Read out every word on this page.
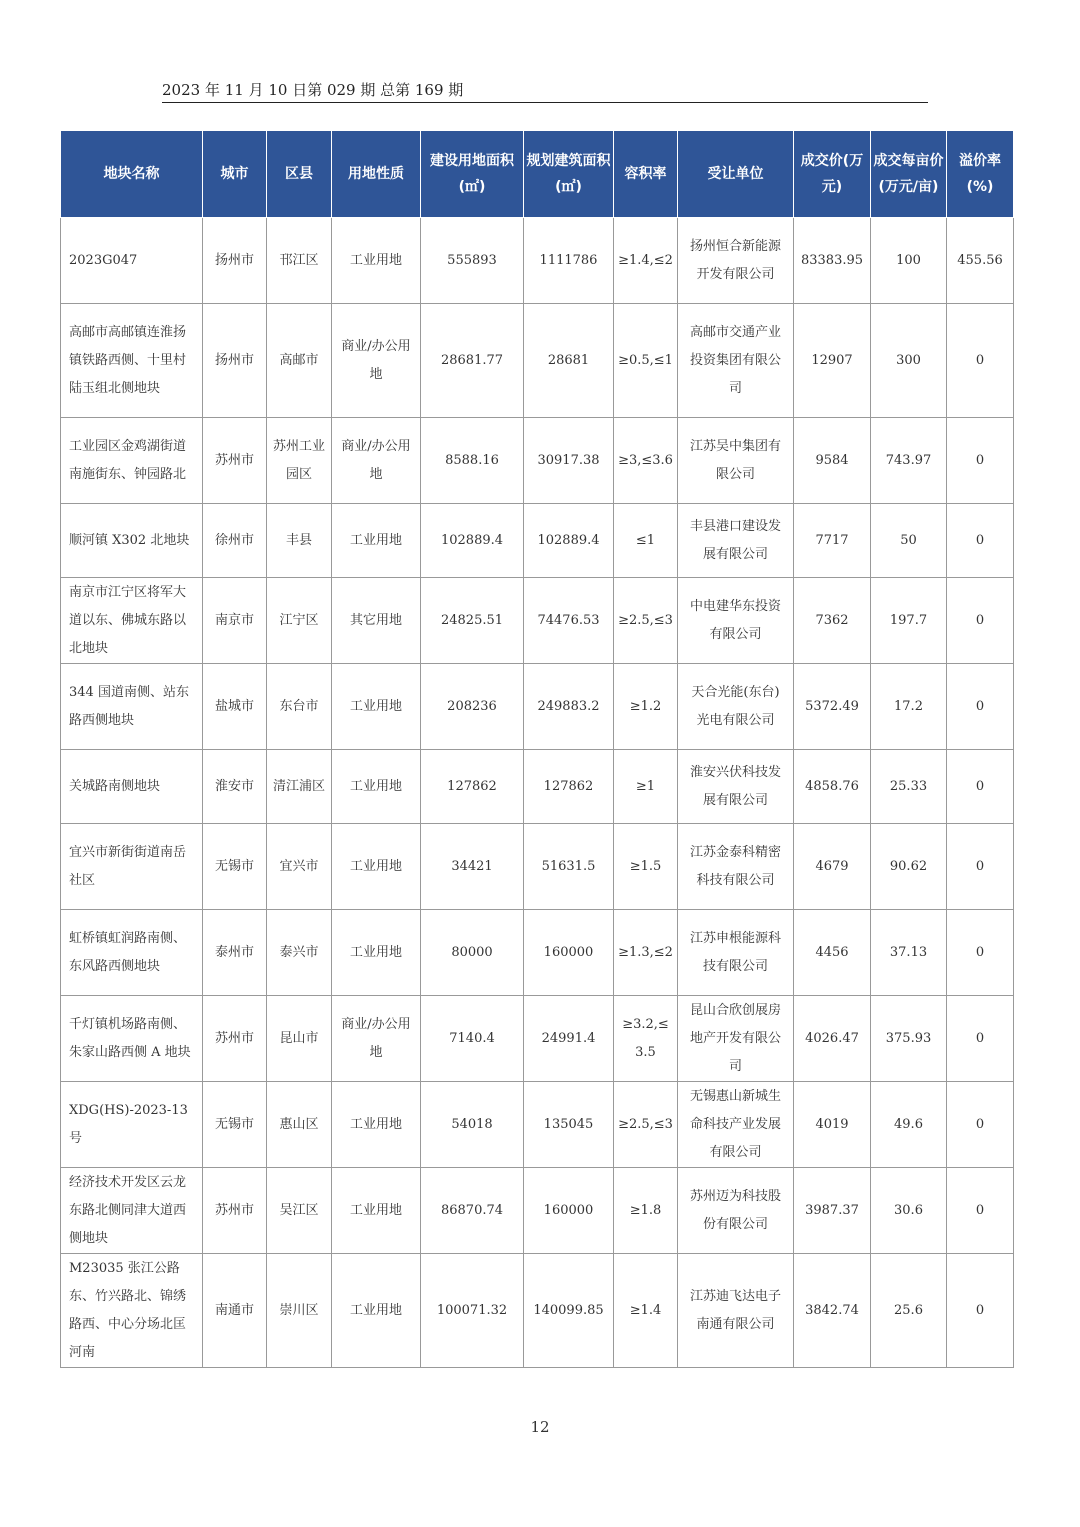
2023 年 11 月 10 日第 029 期 总第 169 期
地块名称	城市	区县	用地性质	建设用地面积(㎡)	规划建筑面积(㎡)	容积率	受让单位	成交价(万元)	成交每亩价(万元/亩)	溢价率(%)
2023G047	扬州市	邗江区	工业用地	555893	1111786	≥1.4,≤2	扬州恒合新能源开发有限公司	83383.95	100	455.56
高邮市高邮镇连淮扬镇铁路西侧、十里村陆玉组北侧地块	扬州市	高邮市	商业/办公用地	28681.77	28681	≥0.5,≤1	高邮市交通产业投资集团有限公司	12907	300	0
工业园区金鸡湖街道南施街东、钟园路北	苏州市	苏州工业园区	商业/办公用地	8588.16	30917.38	≥3,≤3.6	江苏吴中集团有限公司	9584	743.97	0
顺河镇 X302 北地块	徐州市	丰县	工业用地	102889.4	102889.4	≤1	丰县港口建设发展有限公司	7717	50	0
南京市江宁区将军大道以东、佛城东路以北地块	南京市	江宁区	其它用地	24825.51	74476.53	≥2.5,≤3	中电建华东投资有限公司	7362	197.7	0
344 国道南侧、站东路西侧地块	盐城市	东台市	工业用地	208236	249883.2	≥1.2	天合光能(东台)光电有限公司	5372.49	17.2	0
关城路南侧地块	淮安市	清江浦区	工业用地	127862	127862	≥1	淮安兴伏科技发展有限公司	4858.76	25.33	0
宜兴市新街街道南岳社区	无锡市	宜兴市	工业用地	34421	51631.5	≥1.5	江苏金泰科精密科技有限公司	4679	90.62	0
虹桥镇虹润路南侧、东风路西侧地块	泰州市	泰兴市	工业用地	80000	160000	≥1.3,≤2	江苏申根能源科技有限公司	4456	37.13	0
千灯镇机场路南侧、朱家山路西侧 A 地块	苏州市	昆山市	商业/办公用地	7140.4	24991.4	≥3.2,≤3.5	昆山合欣创展房地产开发有限公司	4026.47	375.93	0
XDG(HS)-2023-13 号	无锡市	惠山区	工业用地	54018	135045	≥2.5,≤3	无锡惠山新城生命科技产业发展有限公司	4019	49.6	0
经济技术开发区云龙东路北侧同津大道西侧地块	苏州市	吴江区	工业用地	86870.74	160000	≥1.8	苏州迈为科技股份有限公司	3987.37	30.6	0
M23035 张江公路东、竹兴路北、锦绣路西、中心分场北匡河南	南通市	崇川区	工业用地	100071.32	140099.85	≥1.4	江苏迪飞达电子南通有限公司	3842.74	25.6	0
12
